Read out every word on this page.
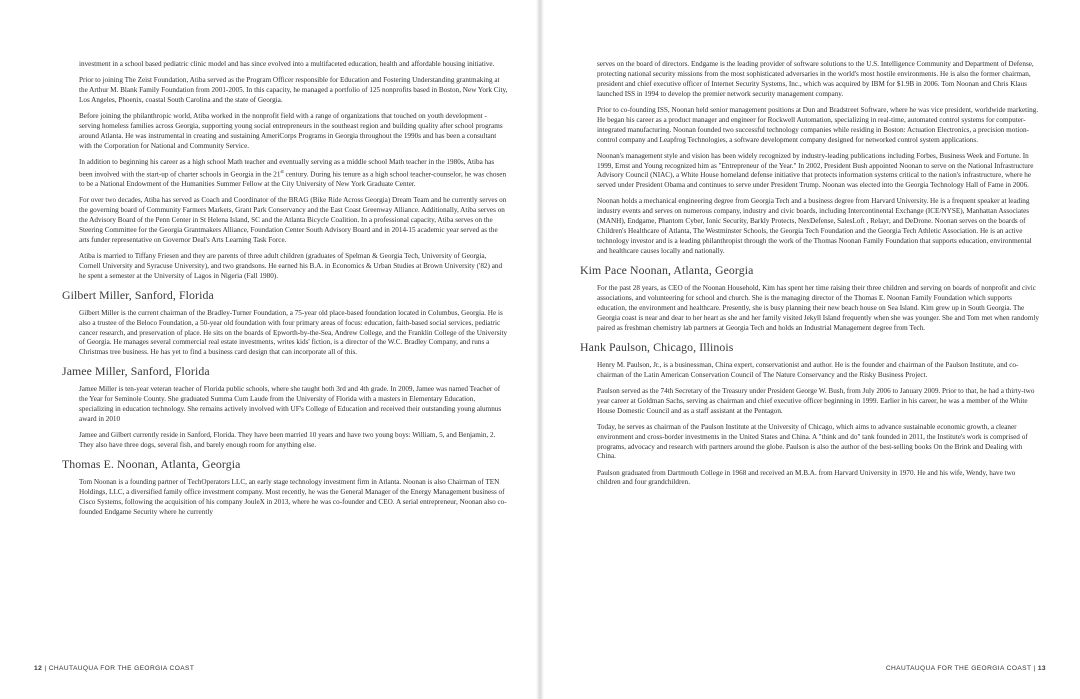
investment in a school based pediatric clinic model and has since evolved into a multifaceted education, health and affordable housing initiative.

Prior to joining The Zeist Foundation, Atiba served as the Program Officer responsible for Education and Fostering Understanding grantmaking at the Arthur M. Blank Family Foundation from 2001-2005. In this capacity, he managed a portfolio of 125 nonprofits based in Boston, New York City, Los Angeles, Phoenix, coastal South Carolina and the state of Georgia.

Before joining the philanthropic world, Atiba worked in the nonprofit field with a range of organizations that touched on youth development - serving homeless families across Georgia, supporting young social entrepreneurs in the southeast region and building quality after school programs around Atlanta. He was instrumental in creating and sustaining AmeriCorps Programs in Georgia throughout the 1990s and has been a consultant with the Corporation for National and Community Service.

In addition to beginning his career as a high school Math teacher and eventually serving as a middle school Math teacher in the 1980s, Atiba has been involved with the start-up of charter schools in Georgia in the 21st century. During his tenure as a high school teacher-counselor, he was chosen to be a National Endowment of the Humanities Summer Fellow at the City University of New York Graduate Center.

For over two decades, Atiba has served as Coach and Coordinator of the BRAG (Bike Ride Across Georgia) Dream Team and he currently serves on the governing board of Community Farmers Markets, Grant Park Conservancy and the East Coast Greenway Alliance. Additionally, Atiba serves on the Advisory Board of the Penn Center in St Helena Island, SC and the Atlanta Bicycle Coalition. In a professional capacity, Atiba serves on the Steering Committee for the Georgia Grantmakers Alliance, Foundation Center South Advisory Board and in 2014-15 academic year served as the arts funder representative on Governor Deal's Arts Learning Task Force.

Atiba is married to Tiffany Friesen and they are parents of three adult children (graduates of Spelman & Georgia Tech, University of Georgia, Cornell University and Syracuse University), and two grandsons. He earned his B.A. in Economics & Urban Studies at Brown University ('82) and he spent a semester at the University of Lagos in Nigeria (Fall 1980).

Gilbert Miller, Sanford, Florida

Gilbert Miller is the current chairman of the Bradley-Turner Foundation, a 75-year old place-based foundation located in Columbus, Georgia. He is also a trustee of the Beloco Foundation, a 50-year old foundation with four primary areas of focus: education, faith-based social services, pediatric cancer research, and preservation of place. He sits on the boards of Epworth-by-the-Sea, Andrew College, and the Franklin College of the University of Georgia. He manages several commercial real estate investments, writes kids' fiction, is a director of the W.C. Bradley Company, and runs a Christmas tree business. He has yet to find a business card design that can incorporate all of this.

Jamee Miller, Sanford, Florida

Jamee Miller is ten-year veteran teacher of Florida public schools, where she taught both 3rd and 4th grade. In 2009, Jamee was named Teacher of the Year for Seminole County. She graduated Summa Cum Laude from the University of Florida with a masters in Elementary Education, specializing in education technology. She remains actively involved with UF's College of Education and received their outstanding young alumnus award in 2010

Jamee and Gilbert currently reside in Sanford, Florida. They have been married 10 years and have two young boys: William, 5, and Benjamin, 2. They also have three dogs, several fish, and barely enough room for anything else.

Thomas E. Noonan, Atlanta, Georgia

Tom Noonan is a founding partner of TechOperators LLC, an early stage technology investment firm in Atlanta. Noonan is also Chairman of TEN Holdings, LLC, a diversified family office investment company. Most recently, he was the General Manager of the Energy Management business of Cisco Systems, following the acquisition of his company JouleX in 2013, where he was co-founder and CEO. A serial entrepreneur, Noonan also co-founded Endgame Security where he currently

12 | CHAUTAUQUA FOR THE GEORGIA COAST

serves on the board of directors. Endgame is the leading provider of software solutions to the U.S. Intelligence Community and Department of Defense, protecting national security missions from the most sophisticated adversaries in the world's most hostile environments. He is also the former chairman, president and chief executive officer of Internet Security Systems, Inc., which was acquired by IBM for $1.9B in 2006. Tom Noonan and Chris Klaus launched ISS in 1994 to develop the premier network security management company.

Prior to co-founding ISS, Noonan held senior management positions at Dun and Bradstreet Software, where he was vice president, worldwide marketing. He began his career as a product manager and engineer for Rockwell Automation, specializing in real-time, automated control systems for computer-integrated manufacturing. Noonan founded two successful technology companies while residing in Boston: Actuation Electronics, a precision motion-control company and Leapfrog Technologies, a software development company designed for networked control system applications.

Noonan's management style and vision has been widely recognized by industry-leading publications including Forbes, Business Week and Fortune. In 1999, Ernst and Young recognized him as "Entrepreneur of the Year." In 2002, President Bush appointed Noonan to serve on the National Infrastructure Advisory Council (NIAC), a White House homeland defense initiative that protects information systems critical to the nation's infrastructure, where he served under President Obama and continues to serve under President Trump. Noonan was elected into the Georgia Technology Hall of Fame in 2006.

Noonan holds a mechanical engineering degree from Georgia Tech and a business degree from Harvard University. He is a frequent speaker at leading industry events and serves on numerous company, industry and civic boards, including Intercontinental Exchange (ICE/NYSE), Manhattan Associates (MANH), Endgame, Phantom Cyber, Ionic Security, Barkly Protects, NexDefense, SalesLoft , Relayr, and DeDrone. Noonan serves on the boards of Children's Healthcare of Atlanta, The Westminster Schools, the Georgia Tech Foundation and the Georgia Tech Athletic Association. He is an active technology investor and is a leading philanthropist through the work of the Thomas Noonan Family Foundation that supports education, environmental and healthcare causes locally and nationally.

Kim Pace Noonan, Atlanta, Georgia

For the past 28 years, as CEO of the Noonan Household, Kim has spent her time raising their three children and serving on boards of nonprofit and civic associations, and volunteering for school and church. She is the managing director of the Thomas E. Noonan Family Foundation which supports education, the environment and healthcare. Presently, she is busy planning their new beach house on Sea Island. Kim grew up in South Georgia. The Georgia coast is near and dear to her heart as she and her family visited Jekyll Island frequently when she was younger. She and Tom met when randomly paired as freshman chemistry lab partners at Georgia Tech and holds an Industrial Management degree from Tech.

Hank Paulson, Chicago, Illinois

Henry M. Paulson, Jr., is a businessman, China expert, conservationist and author. He is the founder and chairman of the Paulson Institute, and co-chairman of the Latin American Conservation Council of The Nature Conservancy and the Risky Business Project.

Paulson served as the 74th Secretary of the Treasury under President George W. Bush, from July 2006 to January 2009. Prior to that, he had a thirty-two year career at Goldman Sachs, serving as chairman and chief executive officer beginning in 1999. Earlier in his career, he was a member of the White House Domestic Council and as a staff assistant at the Pentagon.

Today, he serves as chairman of the Paulson Institute at the University of Chicago, which aims to advance sustainable economic growth, a cleaner environment and cross-border investments in the United States and China. A "think and do" tank founded in 2011, the Institute's work is comprised of programs, advocacy and research with partners around the globe. Paulson is also the author of the best-selling books On the Brink and Dealing with China.

Paulson graduated from Dartmouth College in 1968 and received an M.B.A. from Harvard University in 1970. He and his wife, Wendy, have two children and four grandchildren.

CHAUTAUQUA FOR THE GEORGIA COAST | 13
